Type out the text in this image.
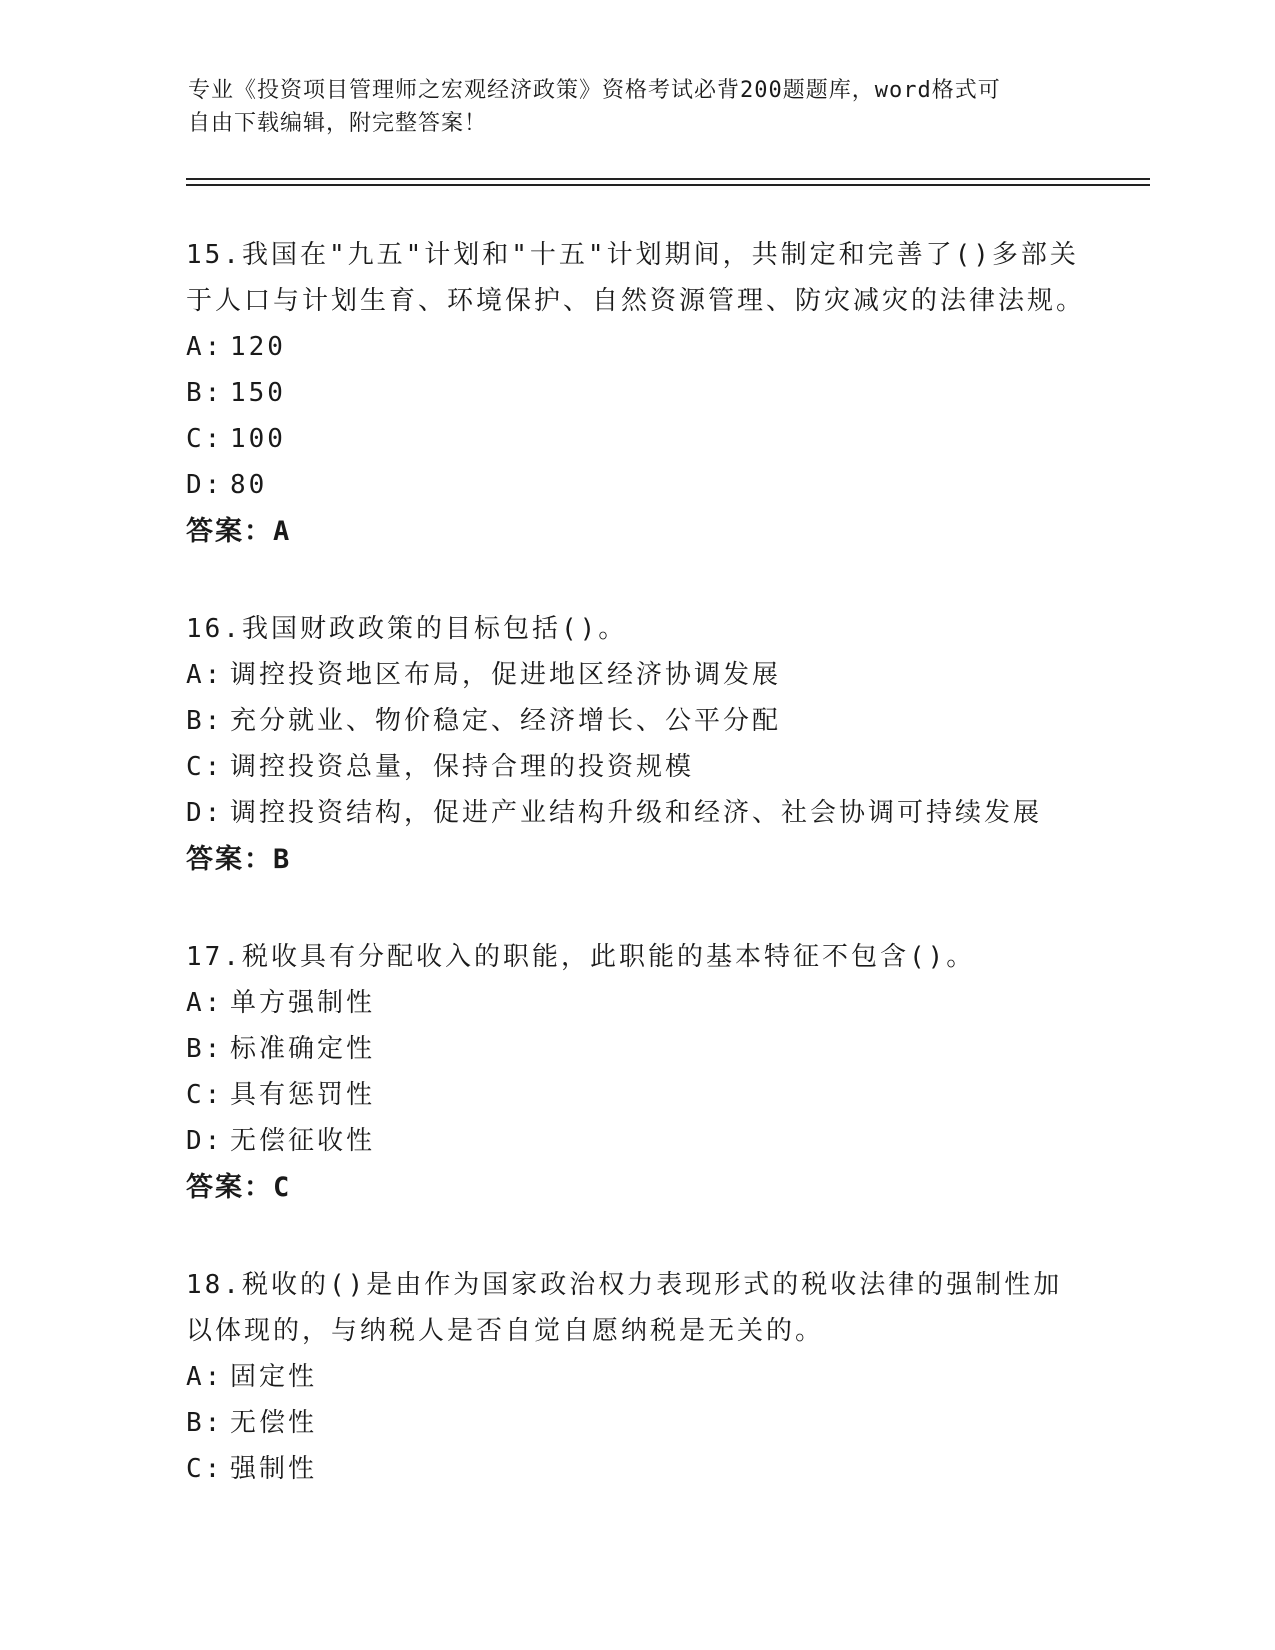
专业《投资项目管理师之宏观经济政策》资格考试必背200题题库，word格式可
自由下载编辑，附完整答案！

15.我国在"九五"计划和"十五"计划期间，共制定和完善了()多部关于人口与计划生育、环境保护、自然资源管理、防灾减灾的法律法规。

A: 120

B: 150

C: 100

D: 80

答案：A

16.我国财政政策的目标包括()。

A: 调控投资地区布局，促进地区经济协调发展

B: 充分就业、物价稳定、经济增长、公平分配

C: 调控投资总量，保持合理的投资规模

D: 调控投资结构，促进产业结构升级和经济、社会协调可持续发展

答案：B

17.税收具有分配收入的职能，此职能的基本特征不包含()。

A: 单方强制性

B: 标准确定性

C: 具有惩罚性

D: 无偿征收性

答案：C

18.税收的()是由作为国家政治权力表现形式的税收法律的强制性加以体现的，与纳税人是否自觉自愿纳税是无关的。

A: 固定性

B: 无偿性

C: 强制性
